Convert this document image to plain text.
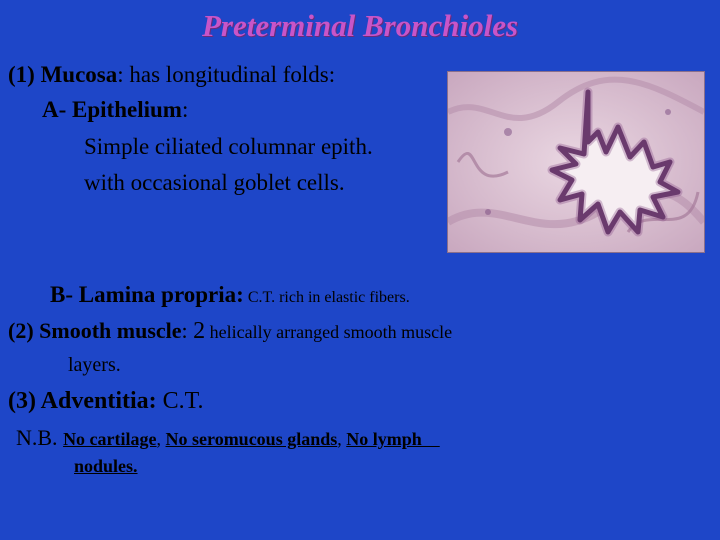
Preterminal Bronchioles
(1) Mucosa: has longitudinal folds:
A- Epithelium:
Simple ciliated columnar epith.
with occasional goblet cells.
B- Lamina propria: C.T. rich in elastic fibers.
(2) Smooth muscle: 2 helically arranged smooth muscle
layers.
(3) Adventitia: C.T.
N.B. No cartilage, No seromucous glands, No lymph
nodules.
